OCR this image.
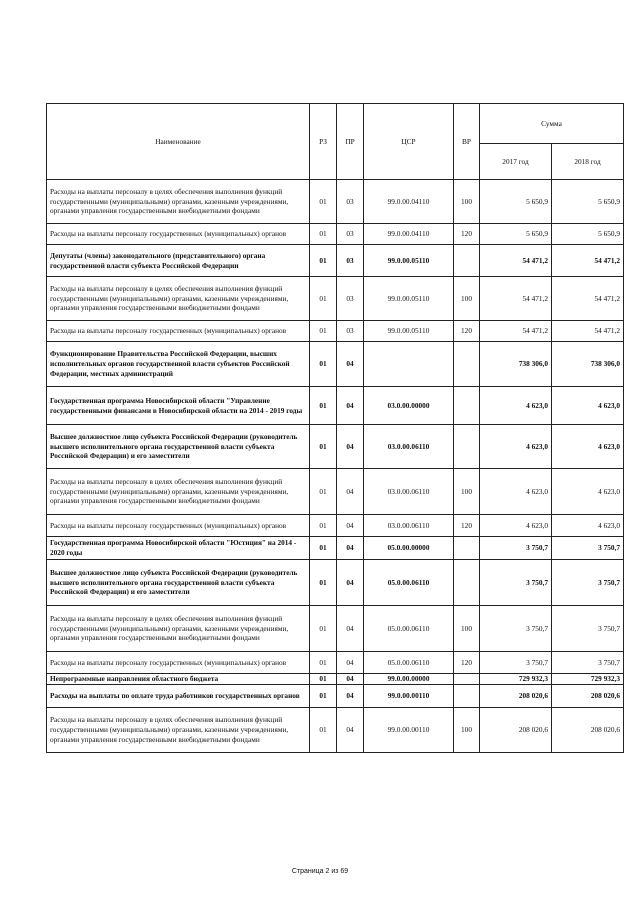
Наименование	РЗ	ПР	ЦСР	ВР	Сумма	
					2017 год	2018 год
Расходы на выплаты персоналу в целях обеспечения выполнения функций государственными (муниципальными) органами, казенными учреждениями, органами управления государственными внебюджетными фондами	01	03	99.0.00.04110	100	5 650,9	5 650,9
Расходы на выплаты персоналу государственных (муниципальных) органов	01	03	99.0.00.04110	120	5 650,9	5 650,9
Депутаты (члены) законодательного (представительного) органа государственной власти субъекта Российской Федерации	01	03	99.0.00.05110		54 471,2	54 471,2
Расходы на выплаты персоналу в целях обеспечения выполнения функций государственными (муниципальными) органами, казенными учреждениями, органами управления государственными внебюджетными фондами	01	03	99.0.00.05110	100	54 471,2	54 471,2
Расходы на выплаты персоналу государственных (муниципальных) органов	01	03	99.0.00.05110	120	54 471,2	54 471,2
Функционирование Правительства Российской Федерации, высших исполнительных органов государственной власти субъектов Российской Федерации, местных администраций	01	04			738 306,0	738 306,0
Государственная программа Новосибирской области "Управление государственными финансами в Новосибирской области на 2014 - 2019 годы	01	04	03.0.00.00000		4 623,0	4 623,0
Высшее должностное лицо субъекта Российской Федерации (руководитель высшего исполнительного органа государственной власти субъекта Российской Федерации) и его заместители	01	04	03.0.00.06110		4 623,0	4 623,0
Расходы на выплаты персоналу в целях обеспечения выполнения функций государственными (муниципальными) органами, казенными учреждениями, органами управления государственными внебюджетными фондами	01	04	03.0.00.06110	100	4 623,0	4 623,0
Расходы на выплаты персоналу государственных (муниципальных) органов	01	04	03.0.00.06110	120	4 623,0	4 623,0
Государственная программа Новосибирской области "Юстиция" на 2014 - 2020 годы	01	04	05.0.00.00000		3 750,7	3 750,7
Высшее должностное лицо субъекта Российской Федерации (руководитель высшего исполнительного органа государственной власти субъекта Российской Федерации) и его заместители	01	04	05.0.00.06110		3 750,7	3 750,7
Расходы на выплаты персоналу в целях обеспечения выполнения функций государственными (муниципальными) органами, казенными учреждениями, органами управления государственными внебюджетными фондами	01	04	05.0.00.06110	100	3 750,7	3 750,7
Расходы на выплаты персоналу государственных (муниципальных) органов	01	04	05.0.00.06110	120	3 750,7	3 750,7
Непрограммные направления областного бюджета	01	04	99.0.00.00000		729 932,3	729 932,3
Расходы на выплаты по оплате труда работников государственных органов	01	04	99.0.00.00110		208 020,6	208 020,6
Расходы на выплаты персоналу в целях обеспечения выполнения функций государственными (муниципальными) органами, казенными учреждениями, органами управления государственными внебюджетными фондами	01	04	99.0.00.00110	100	208 020,6	208 020,6
Страница 2 из 69
